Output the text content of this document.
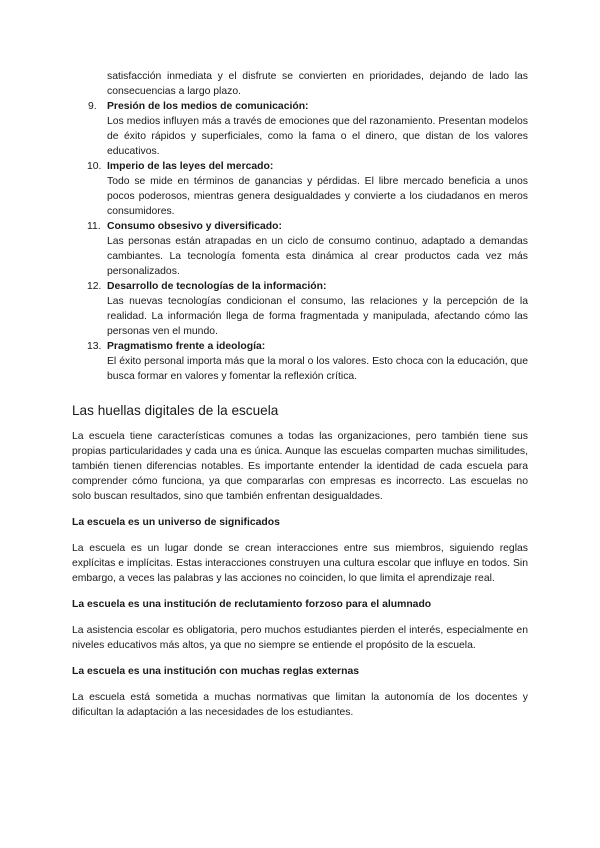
satisfacción inmediata y el disfrute se convierten en prioridades, dejando de lado las consecuencias a largo plazo.
9. Presión de los medios de comunicación:
Los medios influyen más a través de emociones que del razonamiento. Presentan modelos de éxito rápidos y superficiales, como la fama o el dinero, que distan de los valores educativos.
10. Imperio de las leyes del mercado:
Todo se mide en términos de ganancias y pérdidas. El libre mercado beneficia a unos pocos poderosos, mientras genera desigualdades y convierte a los ciudadanos en meros consumidores.
11. Consumo obsesivo y diversificado:
Las personas están atrapadas en un ciclo de consumo continuo, adaptado a demandas cambiantes. La tecnología fomenta esta dinámica al crear productos cada vez más personalizados.
12. Desarrollo de tecnologías de la información:
Las nuevas tecnologías condicionan el consumo, las relaciones y la percepción de la realidad. La información llega de forma fragmentada y manipulada, afectando cómo las personas ven el mundo.
13. Pragmatismo frente a ideología:
El éxito personal importa más que la moral o los valores. Esto choca con la educación, que busca formar en valores y fomentar la reflexión crítica.
Las huellas digitales de la escuela

La escuela tiene características comunes a todas las organizaciones, pero también tiene sus propias particularidades y cada una es única. Aunque las escuelas comparten muchas similitudes, también tienen diferencias notables. Es importante entender la identidad de cada escuela para comprender cómo funciona, ya que compararlas con empresas es incorrecto. Las escuelas no solo buscan resultados, sino que también enfrentan desigualdades.

La escuela es un universo de significados

La escuela es un lugar donde se crean interacciones entre sus miembros, siguiendo reglas explícitas e implícitas. Estas interacciones construyen una cultura escolar que influye en todos. Sin embargo, a veces las palabras y las acciones no coinciden, lo que limita el aprendizaje real.

La escuela es una institución de reclutamiento forzoso para el alumnado

La asistencia escolar es obligatoria, pero muchos estudiantes pierden el interés, especialmente en niveles educativos más altos, ya que no siempre se entiende el propósito de la escuela.

La escuela es una institución con muchas reglas externas

La escuela está sometida a muchas normativas que limitan la autonomía de los docentes y dificultan la adaptación a las necesidades de los estudiantes.
